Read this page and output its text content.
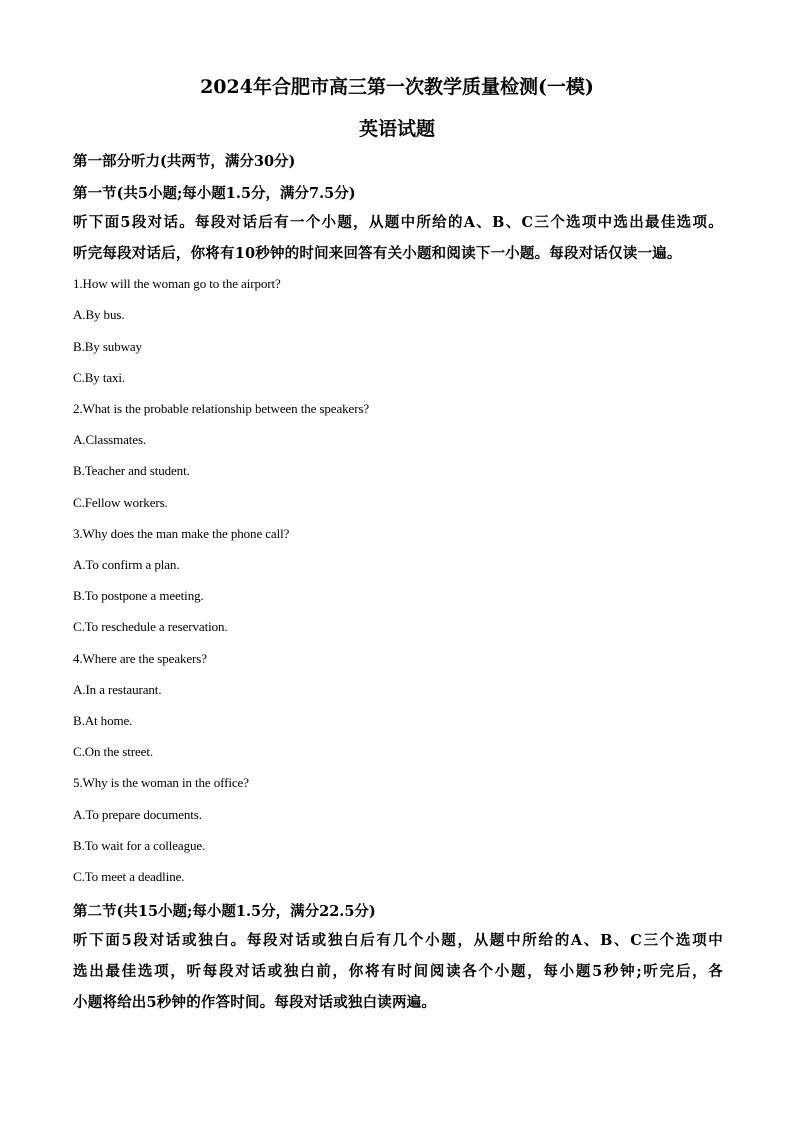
2024年合肥市高三第一次教学质量检测(一模)
英语试题
第一部分听力(共两节，满分30分)
第一节(共5小题;每小题1.5分，满分7.5分)
听下面5段对话。每段对话后有一个小题，从题中所给的A、B、C三个选项中选出最佳选项。
听完每段对话后，你将有10秒钟的时间来回答有关小题和阅读下一小题。每段对话仅读一遍。
1.How will the woman go to the airport?
A.By bus.
B.By subway
C.By taxi.
2.What is the probable relationship between the speakers?
A.Classmates.
B.Teacher and student.
C.Fellow workers.
3.Why does the man make the phone call?
A.To confirm a plan.
B.To postpone a meeting.
C.To reschedule a reservation.
4.Where are the speakers?
A.In a restaurant.
B.At home.
C.On the street.
5.Why is the woman in the office?
A.To prepare documents.
B.To wait for a colleague.
C.To meet a deadline.
第二节(共15小题;每小题1.5分，满分22.5分)
听下面5段对话或独白。每段对话或独白后有几个小题，从题中所给的A、B、C三个选项中
选出最佳选项，听每段对话或独白前，你将有时间阅读各个小题，每小题5秒钟;听完后，各
小题将给出5秒钟的作答时间。每段对话或独白读两遍。
